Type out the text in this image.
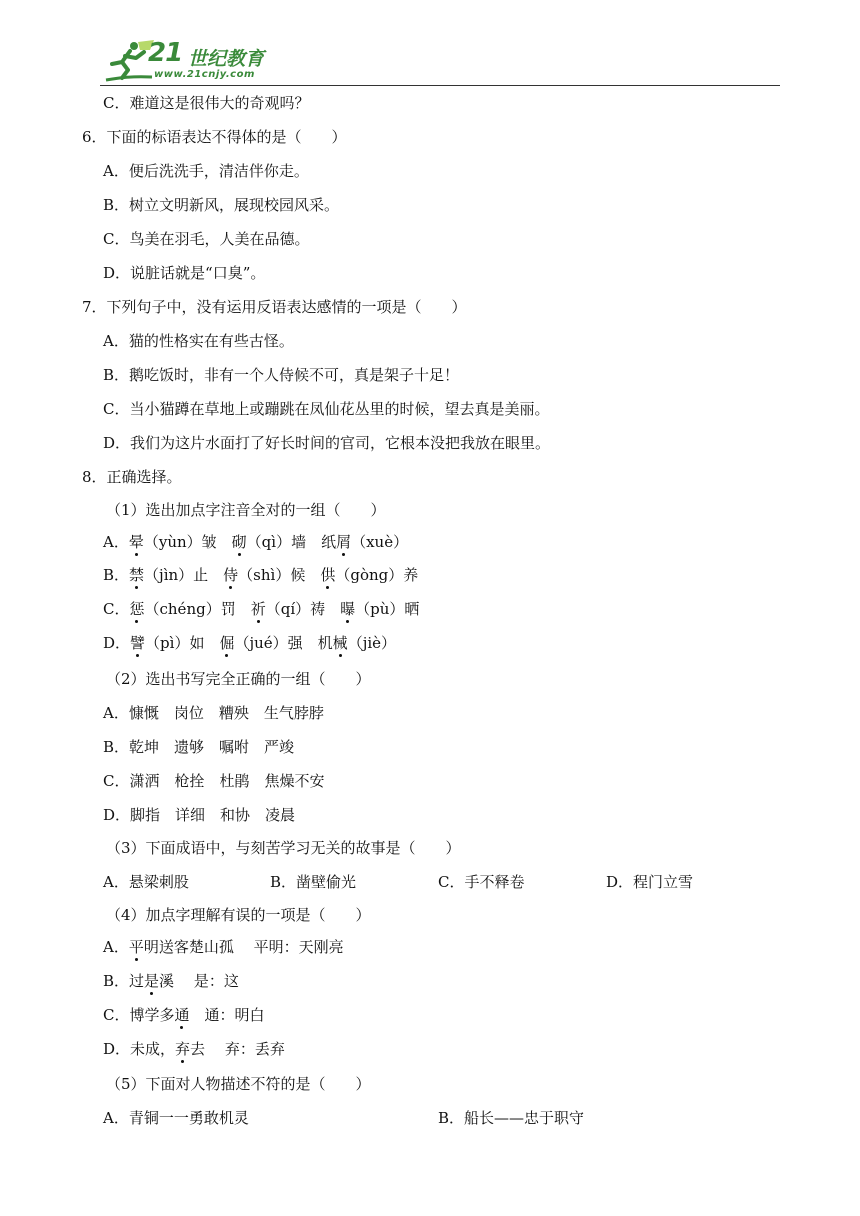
21 世纪教育
www.21cnjy.com
C．难道这是很伟大的奇观吗？
6．下面的标语表达不得体的是（　　）
A．便后洗洗手，清洁伴你走。
B．树立文明新风，展现校园风采。
C．鸟美在羽毛，人美在品德。
D．说脏话就是“口臭”。
7．下列句子中，没有运用反语表达感情的一项是（　　）
A．猫的性格实在有些古怪。
B．鹅吃饭时，非有一个人侍候不可，真是架子十足！
C．当小猫蹲在草地上或蹦跳在凤仙花丛里的时候，望去真是美丽。
D．我们为这片水面打了好长时间的官司，它根本没把我放在眼里。
8．正确选择。
（1）选出加点字注音全对的一组（　　）
A．晕（yùn）皱　砌（qì）墙　纸屑（xuè）
B．禁（jìn）止　侍（shì）候　供（gòng）养
C．惩（chéng）罚　祈（qí）祷　曝（pù）晒
D．譬（pì）如　倔（jué）强　机械（jiè）
（2）选出书写完全正确的一组（　　）
A．慷慨　岗位　糟殃　生气脖脖
B．乾坤　遗够　嘱咐　严竣
C．潇洒　枪拴　杜鹃　焦燥不安
D．脚指　详细　和协　凌晨
（3）下面成语中，与刻苦学习无关的故事是（　　）
A．悬梁刺股	B．凿壁偷光	C．手不释卷	D．程门立雪
（4）加点字理解有误的一项是（　　）
A．平明送客楚山孤　 平明：天刚亮
B．过是溪　 是：这
C．博学多通　通：明白
D．未成，弃去　 弃：丢弃
（5）下面对人物描述不符的是（　　）
A．青铜一一勇敢机灵	B．船长——忠于职守
